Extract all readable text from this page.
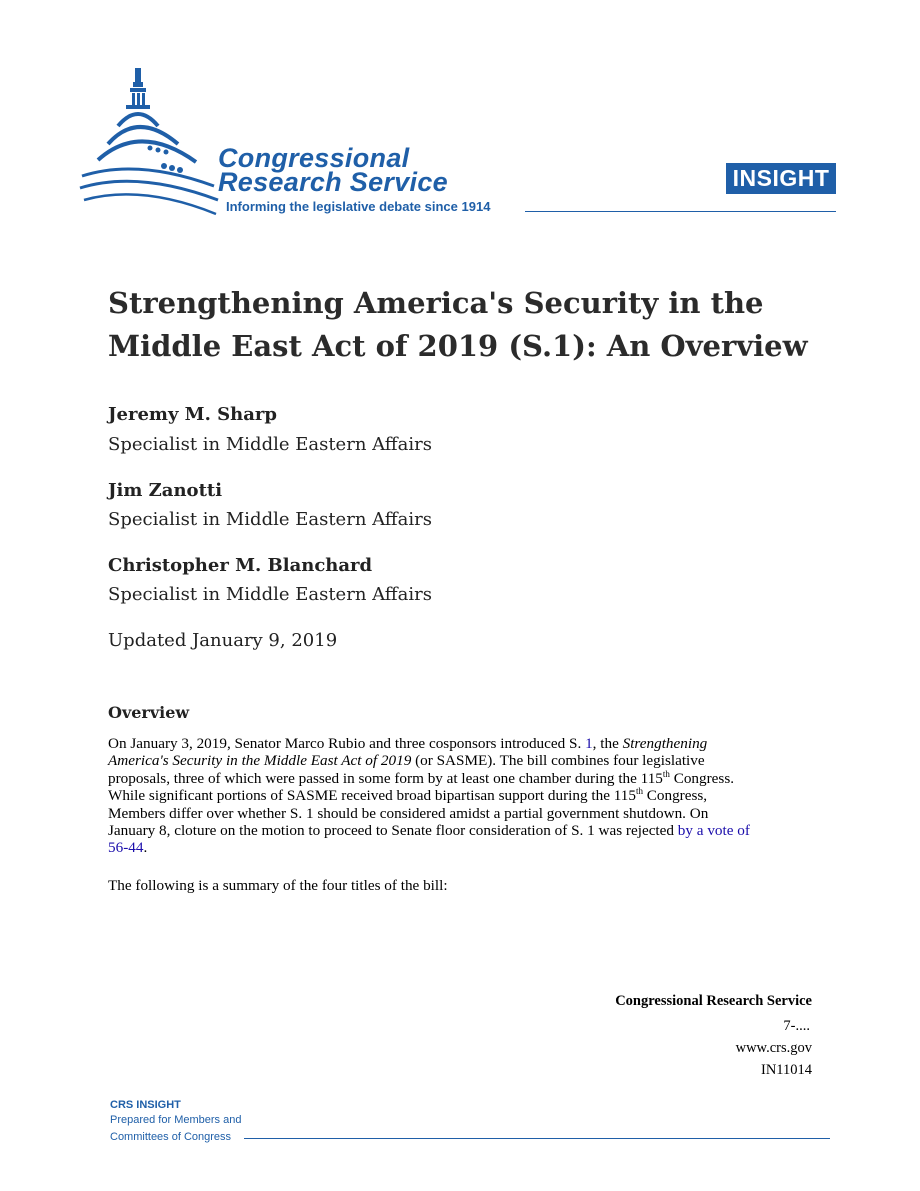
Congressional
Research Service
Informing the legislative debate since 1914
INSIGHT
Strengthening America's Security in the
Middle East Act of 2019 (S.1): An Overview
Jeremy M. Sharp
Specialist in Middle Eastern Affairs
Jim Zanotti
Specialist in Middle Eastern Affairs
Christopher M. Blanchard
Specialist in Middle Eastern Affairs
Updated January 9, 2019
Overview
On January 3, 2019, Senator Marco Rubio and three cosponsors introduced S. 1, the Strengthening
America's Security in the Middle East Act of 2019 (or SASME). The bill combines four legislative
proposals, three of which were passed in some form by at least one chamber during the 115th Congress.
While significant portions of SASME received broad bipartisan support during the 115th Congress,
Members differ over whether S. 1 should be considered amidst a partial government shutdown. On
January 8, cloture on the motion to proceed to Senate floor consideration of S. 1 was rejected by a vote of
56-44.
The following is a summary of the four titles of the bill:
Congressional Research Service
7-....
www.crs.gov
IN11014
CRS INSIGHT
Prepared for Members and
Committees of Congress
